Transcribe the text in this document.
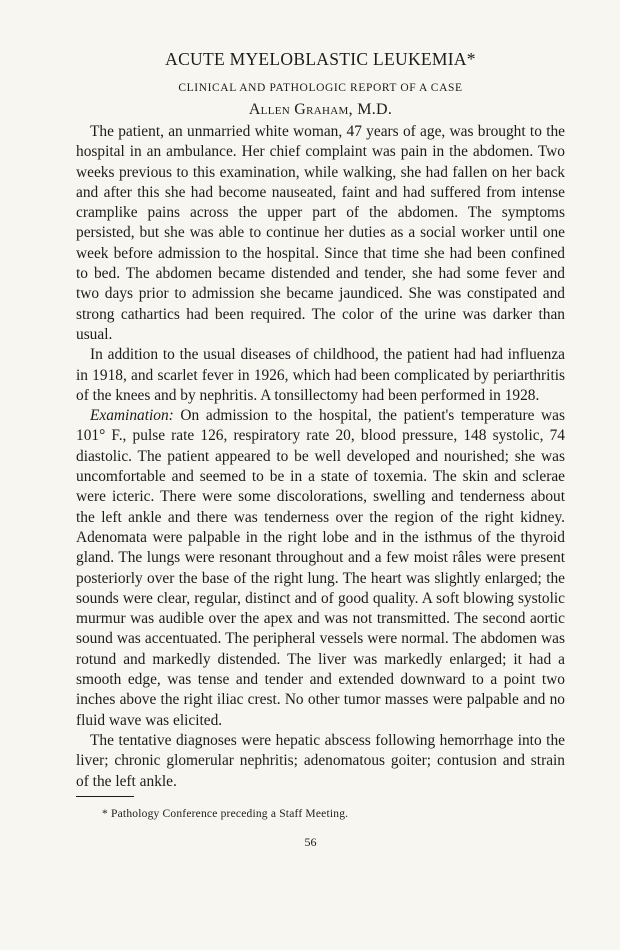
ACUTE MYELOBLASTIC LEUKEMIA*
CLINICAL AND PATHOLOGIC REPORT OF A CASE
Allen Graham, M.D.

The patient, an unmarried white woman, 47 years of age, was brought to the hospital in an ambulance. Her chief complaint was pain in the abdomen. Two weeks previous to this examination, while walking, she had fallen on her back and after this she had become nauseated, faint and had suffered from intense cramplike pains across the upper part of the abdomen. The symptoms persisted, but she was able to continue her duties as a social worker until one week before admission to the hospital. Since that time she had been confined to bed. The abdomen became distended and tender, she had some fever and two days prior to admission she became jaundiced. She was constipated and strong cathartics had been required. The color of the urine was darker than usual.

In addition to the usual diseases of childhood, the patient had had influenza in 1918, and scarlet fever in 1926, which had been complicated by periarthritis of the knees and by nephritis. A tonsillectomy had been performed in 1928.

Examination: On admission to the hospital, the patient's temperature was 101° F., pulse rate 126, respiratory rate 20, blood pressure, 148 systolic, 74 diastolic. The patient appeared to be well developed and nourished; she was uncomfortable and seemed to be in a state of toxemia. The skin and sclerae were icteric. There were some discolorations, swelling and tenderness about the left ankle and there was tenderness over the region of the right kidney. Adenomata were palpable in the right lobe and in the isthmus of the thyroid gland. The lungs were resonant throughout and a few moist râles were present posteriorly over the base of the right lung. The heart was slightly enlarged; the sounds were clear, regular, distinct and of good quality. A soft blowing systolic murmur was audible over the apex and was not transmitted. The second aortic sound was accentuated. The peripheral vessels were normal. The abdomen was rotund and markedly distended. The liver was markedly enlarged; it had a smooth edge, was tense and tender and extended downward to a point two inches above the right iliac crest. No other tumor masses were palpable and no fluid wave was elicited.

The tentative diagnoses were hepatic abscess following hemorrhage into the liver; chronic glomerular nephritis; adenomatous goiter; contusion and strain of the left ankle.

* Pathology Conference preceding a Staff Meeting.
56
